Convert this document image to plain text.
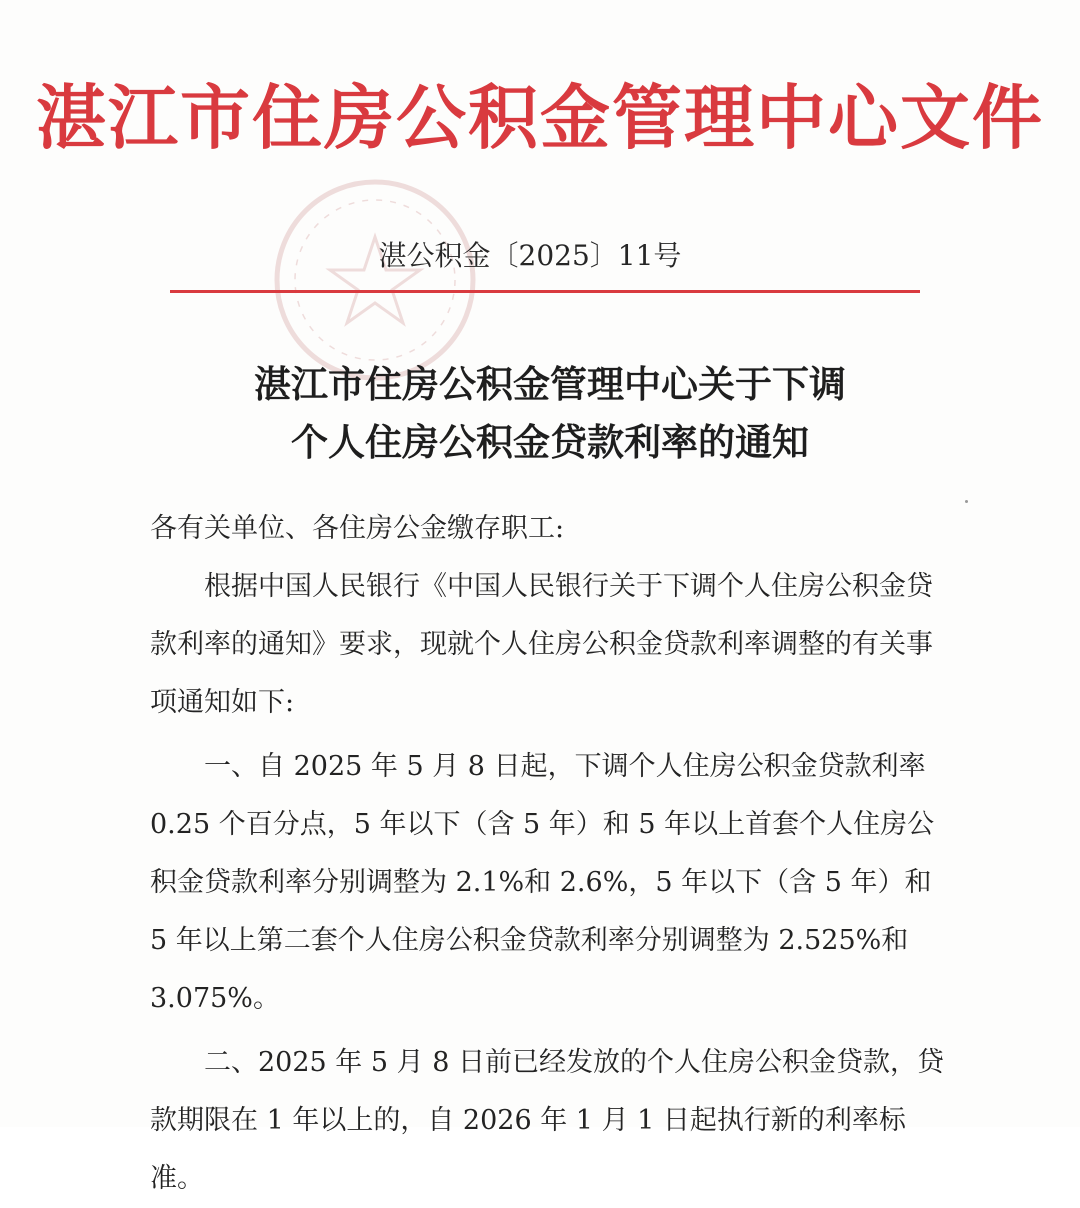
湛江市住房公积金管理中心文件
湛公积金〔2025〕11号
湛江市住房公积金管理中心关于下调
个人住房公积金贷款利率的通知

各有关单位、各住房公金缴存职工:

根据中国人民银行《中国人民银行关于下调个人住房公积金贷款利率的通知》要求，现就个人住房公积金贷款利率调整的有关事项通知如下:

一、自 2025 年 5 月 8 日起，下调个人住房公积金贷款利率 0.25 个百分点，5 年以下（含 5 年）和 5 年以上首套个人住房公积金贷款利率分别调整为 2.1%和 2.6%，5 年以下（含 5 年）和 5 年以上第二套个人住房公积金贷款利率分别调整为 2.525%和 3.075%。

二、2025 年 5 月 8 日前已经发放的个人住房公积金贷款，贷款期限在 1 年以上的，自 2026 年 1 月 1 日起执行新的利率标准。
